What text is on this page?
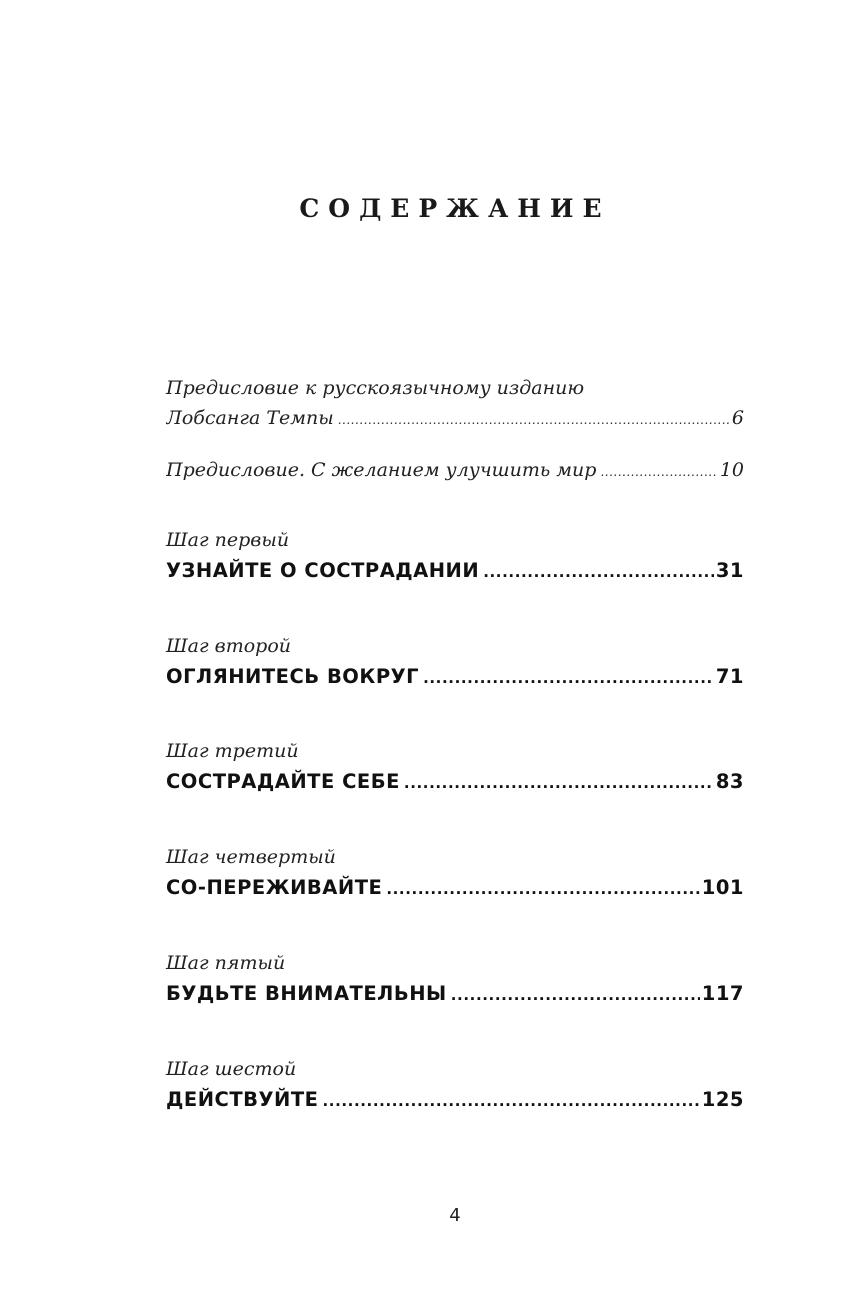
СОДЕРЖАНИЕ
Предисловие к русскоязычному изданию
Лобсанга Темпы .....	6
Предисловие. С желанием улучшить мир .....	10
Шаг первый
УЗНАЙТЕ О СОСТРАДАНИИ .....	31
Шаг второй
ОГЛЯНИТЕСЬ ВОКРУГ .....	71
Шаг третий
СОСТРАДАЙТЕ СЕБЕ .....	83
Шаг четвертый
СО-ПЕРЕЖИВАЙТЕ .....	101
Шаг пятый
БУДЬТЕ ВНИМАТЕЛЬНЫ .....	117
Шаг шестой
ДЕЙСТВУЙТЕ .....	125
4
